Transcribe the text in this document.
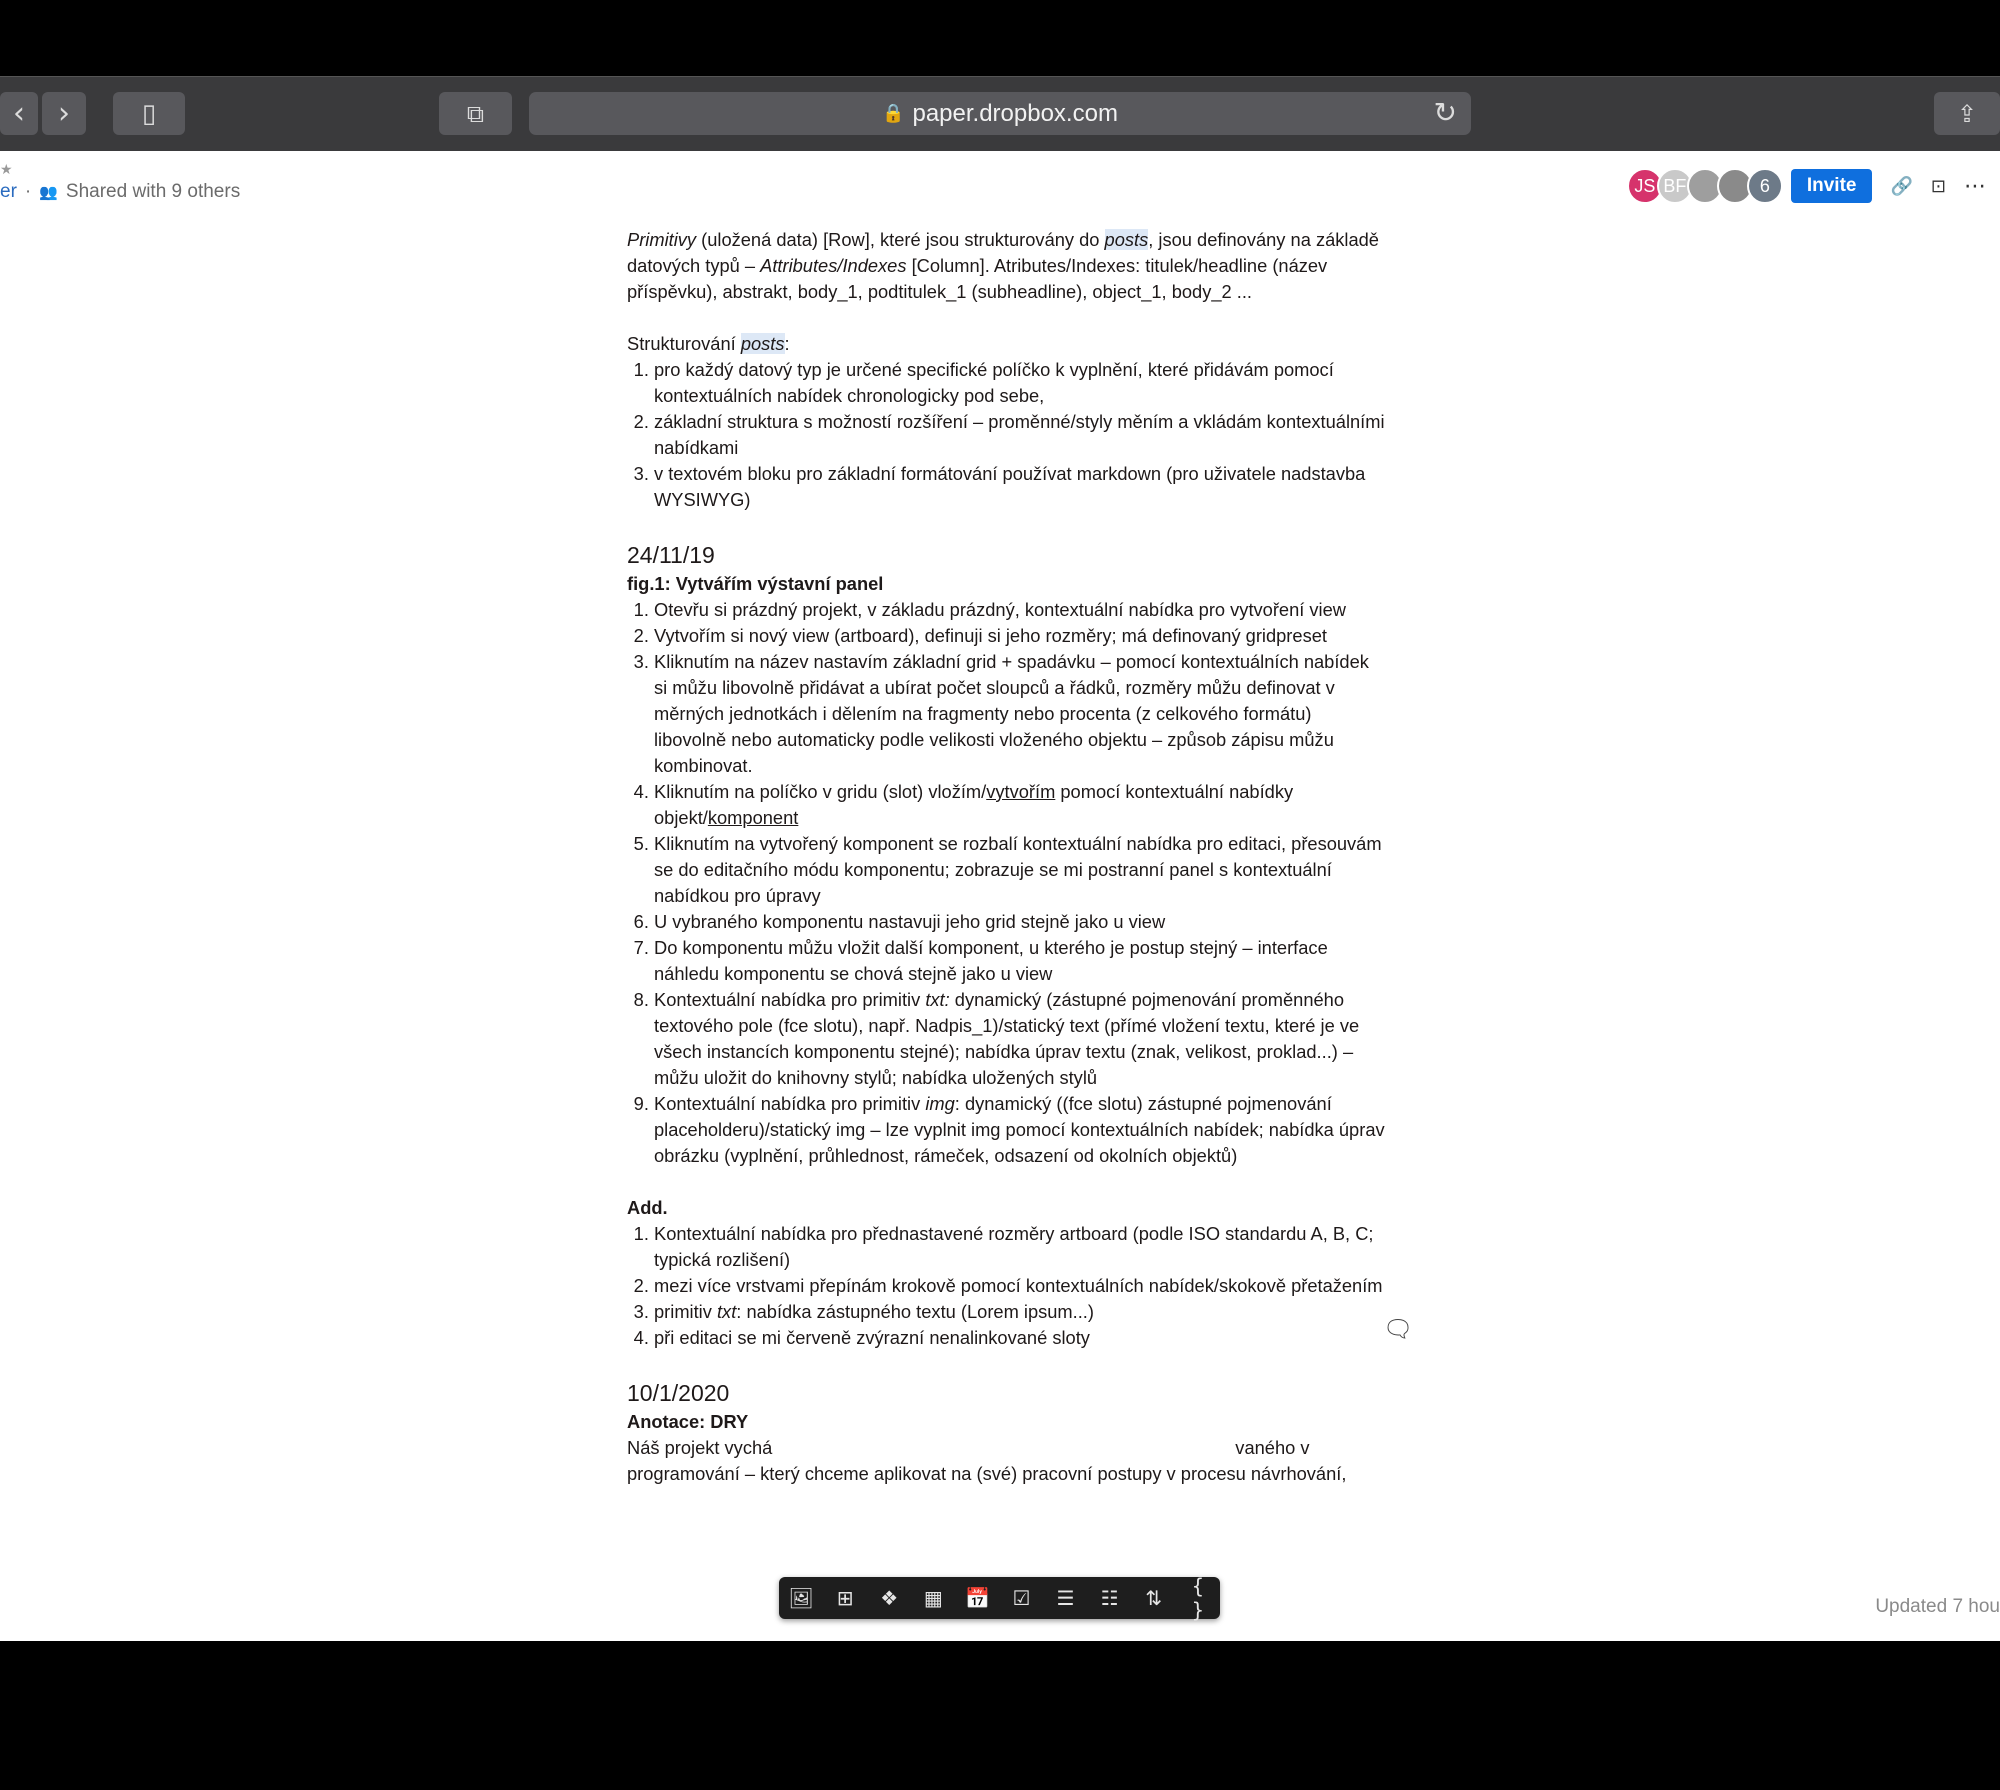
‹ ›	▯	⧉	🔒 paper.dropbox.com	↻	⇪
★
er · 👥 Shared with 9 others	JS BF	6	Invite	🔗 ⊡ ⋯

Primitivy (uložená data) [Row], které jsou strukturovány do posts, jsou definovány na základě datových typů – Attributes/Indexes [Column]. Atributes/Indexes: titulek/headline (název příspěvku), abstrakt, body_1, podtitulek_1 (subheadline), object_1, body_2 ...

Strukturování posts:

1. pro každý datový typ je určené specifické políčko k vyplnění, které přidávám pomocí kontextuálních nabídek chronologicky pod sebe,
2. základní struktura s možností rozšíření – proměnné/styly měním a vkládám kontextuálními nabídkami
3. v textovém bloku pro základní formátování používat markdown (pro uživatele nadstavba WYSIWYG)
24/11/19

fig.1: Vytvářím výstavní panel

1. Otevřu si prázdný projekt, v základu prázdný, kontextuální nabídka pro vytvoření view
2. Vytvořím si nový view (artboard), definuji si jeho rozměry; má definovaný gridpreset
3. Kliknutím na název nastavím základní grid + spadávku – pomocí kontextuálních nabídek si můžu libovolně přidávat a ubírat počet sloupců a řádků, rozměry můžu definovat v měrných jednotkách i dělením na fragmenty nebo procenta (z celkového formátu) libovolně nebo automaticky podle velikosti vloženého objektu – způsob zápisu můžu kombinovat.
4. Kliknutím na políčko v gridu (slot) vložím/vytvořím pomocí kontextuální nabídky objekt/komponent
5. Kliknutím na vytvořený komponent se rozbalí kontextuální nabídka pro editaci, přesouvám se do editačního módu komponentu; zobrazuje se mi postranní panel s kontextuální nabídkou pro úpravy
6. U vybraného komponentu nastavuji jeho grid stejně jako u view
7. Do komponentu můžu vložit další komponent, u kterého je postup stejný – interface náhledu komponentu se chová stejně jako u view
8. Kontextuální nabídka pro primitiv txt: dynamický (zástupné pojmenování proměnného textového pole (fce slotu), např. Nadpis_1)/statický text (přímé vložení textu, které je ve všech instancích komponentu stejné); nabídka úprav textu (znak, velikost, proklad...) – můžu uložit do knihovny stylů; nabídka uložených stylů
9. Kontextuální nabídka pro primitiv img: dynamický ((fce slotu) zástupné pojmenování placeholderu)/statický img – lze vyplnit img pomocí kontextuálních nabídek; nabídka úprav obrázku (vyplnění, průhlednost, rámeček, odsazení od okolních objektů)

Add.

1. Kontextuální nabídka pro přednastavené rozměry artboard (podle ISO standardu A, B, C; typická rozlišení)
2. mezi více vrstvami přepínám krokově pomocí kontextuálních nabídek/skokově přetažením
3. primitiv txt: nabídka zástupného textu (Lorem ipsum...)
4. při editaci se mi červeně zvýrazní nenalinkované sloty
10/1/2020

Anotace: DRY

Náš projekt vychá	vaného v
programování – který chceme aplikovat na (své) pracovní postupy v procesu návrhování,

🗨
🖼 ⊞ ❖ ▦ 📅 ☑ ☰ ☷ ⇅	{ }	Updated 7 hou
